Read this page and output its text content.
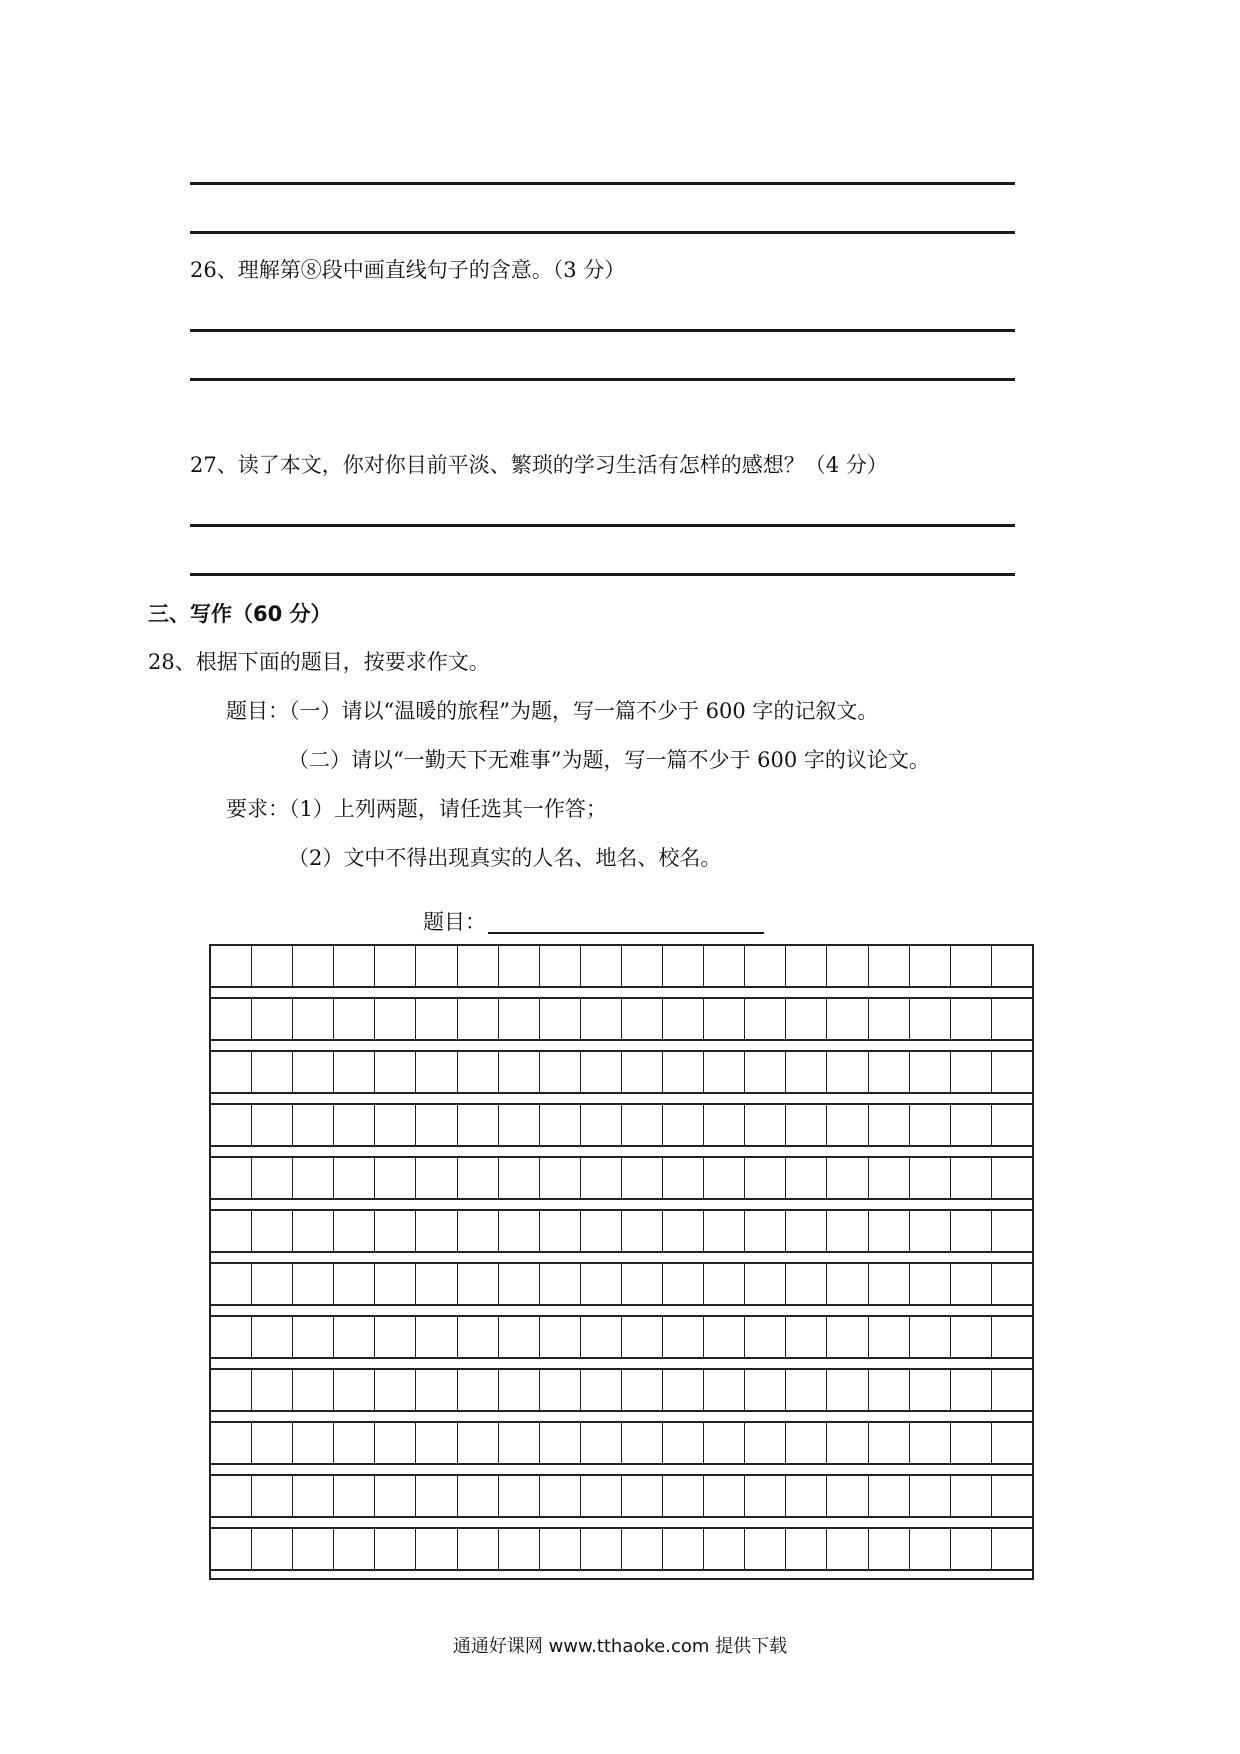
26、理解第⑧段中画直线句子的含意。（3 分）
27、读了本文，你对你目前平淡、繁琐的学习生活有怎样的感想？（4 分）
三、写作（60 分）
28、根据下面的题目，按要求作文。
题目：（一）请以“温暖的旅程”为题，写一篇不少于 600 字的记叙文。
（二）请以“一勤天下无难事”为题，写一篇不少于 600 字的议论文。
要求：（1）上列两题，请任选其一作答；
（2）文中不得出现真实的人名、地名、校名。
题目：
通通好课网 www.tthaoke.com 提供下载
